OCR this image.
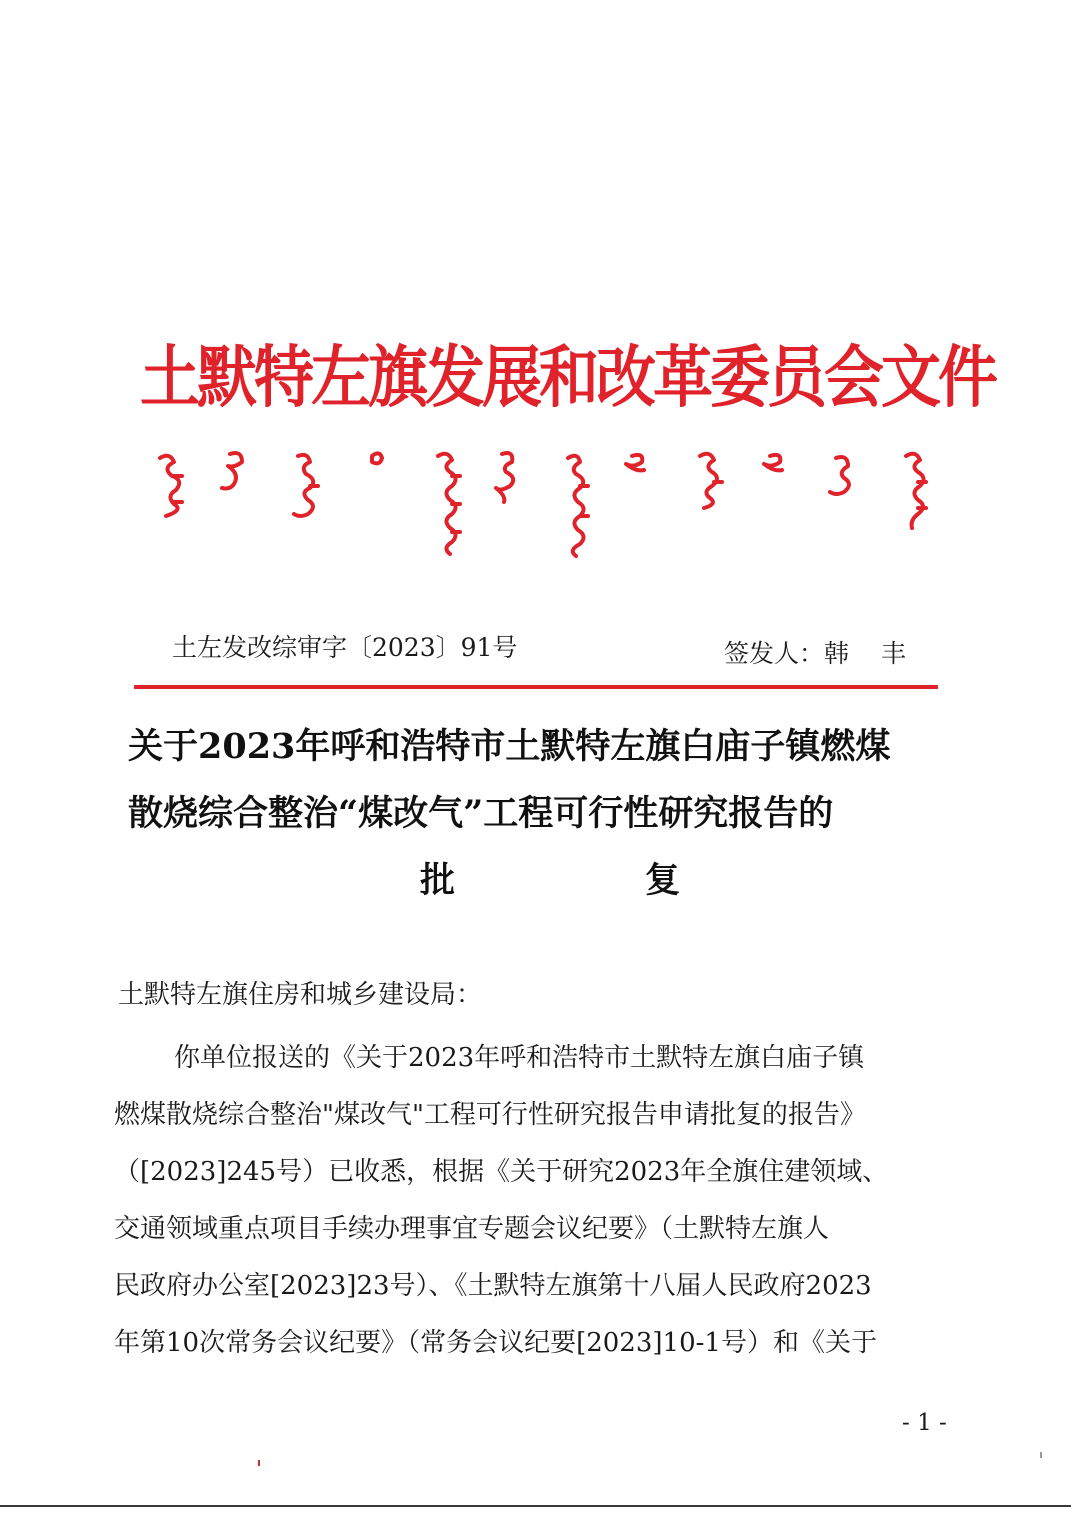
土默特左旗发展和改革委员会文件
土左发改综审字〔2023〕91号	签发人：韩 丰
关于2023年呼和浩特市土默特左旗白庙子镇燃煤
散烧综合整治“煤改气”工程可行性研究报告的
批	复
土默特左旗住房和城乡建设局：
你单位报送的《关于2023年呼和浩特市土默特左旗白庙子镇
燃煤散烧综合整治"煤改气"工程可行性研究报告申请批复的报告》
（[2023]245号）已收悉，根据《关于研究2023年全旗住建领域、
交通领域重点项目手续办理事宜专题会议纪要》（土默特左旗人
民政府办公室[2023]23号）、《土默特左旗第十八届人民政府2023
年第10次常务会议纪要》（常务会议纪要[2023]10-1号）和《关于
- 1 -
